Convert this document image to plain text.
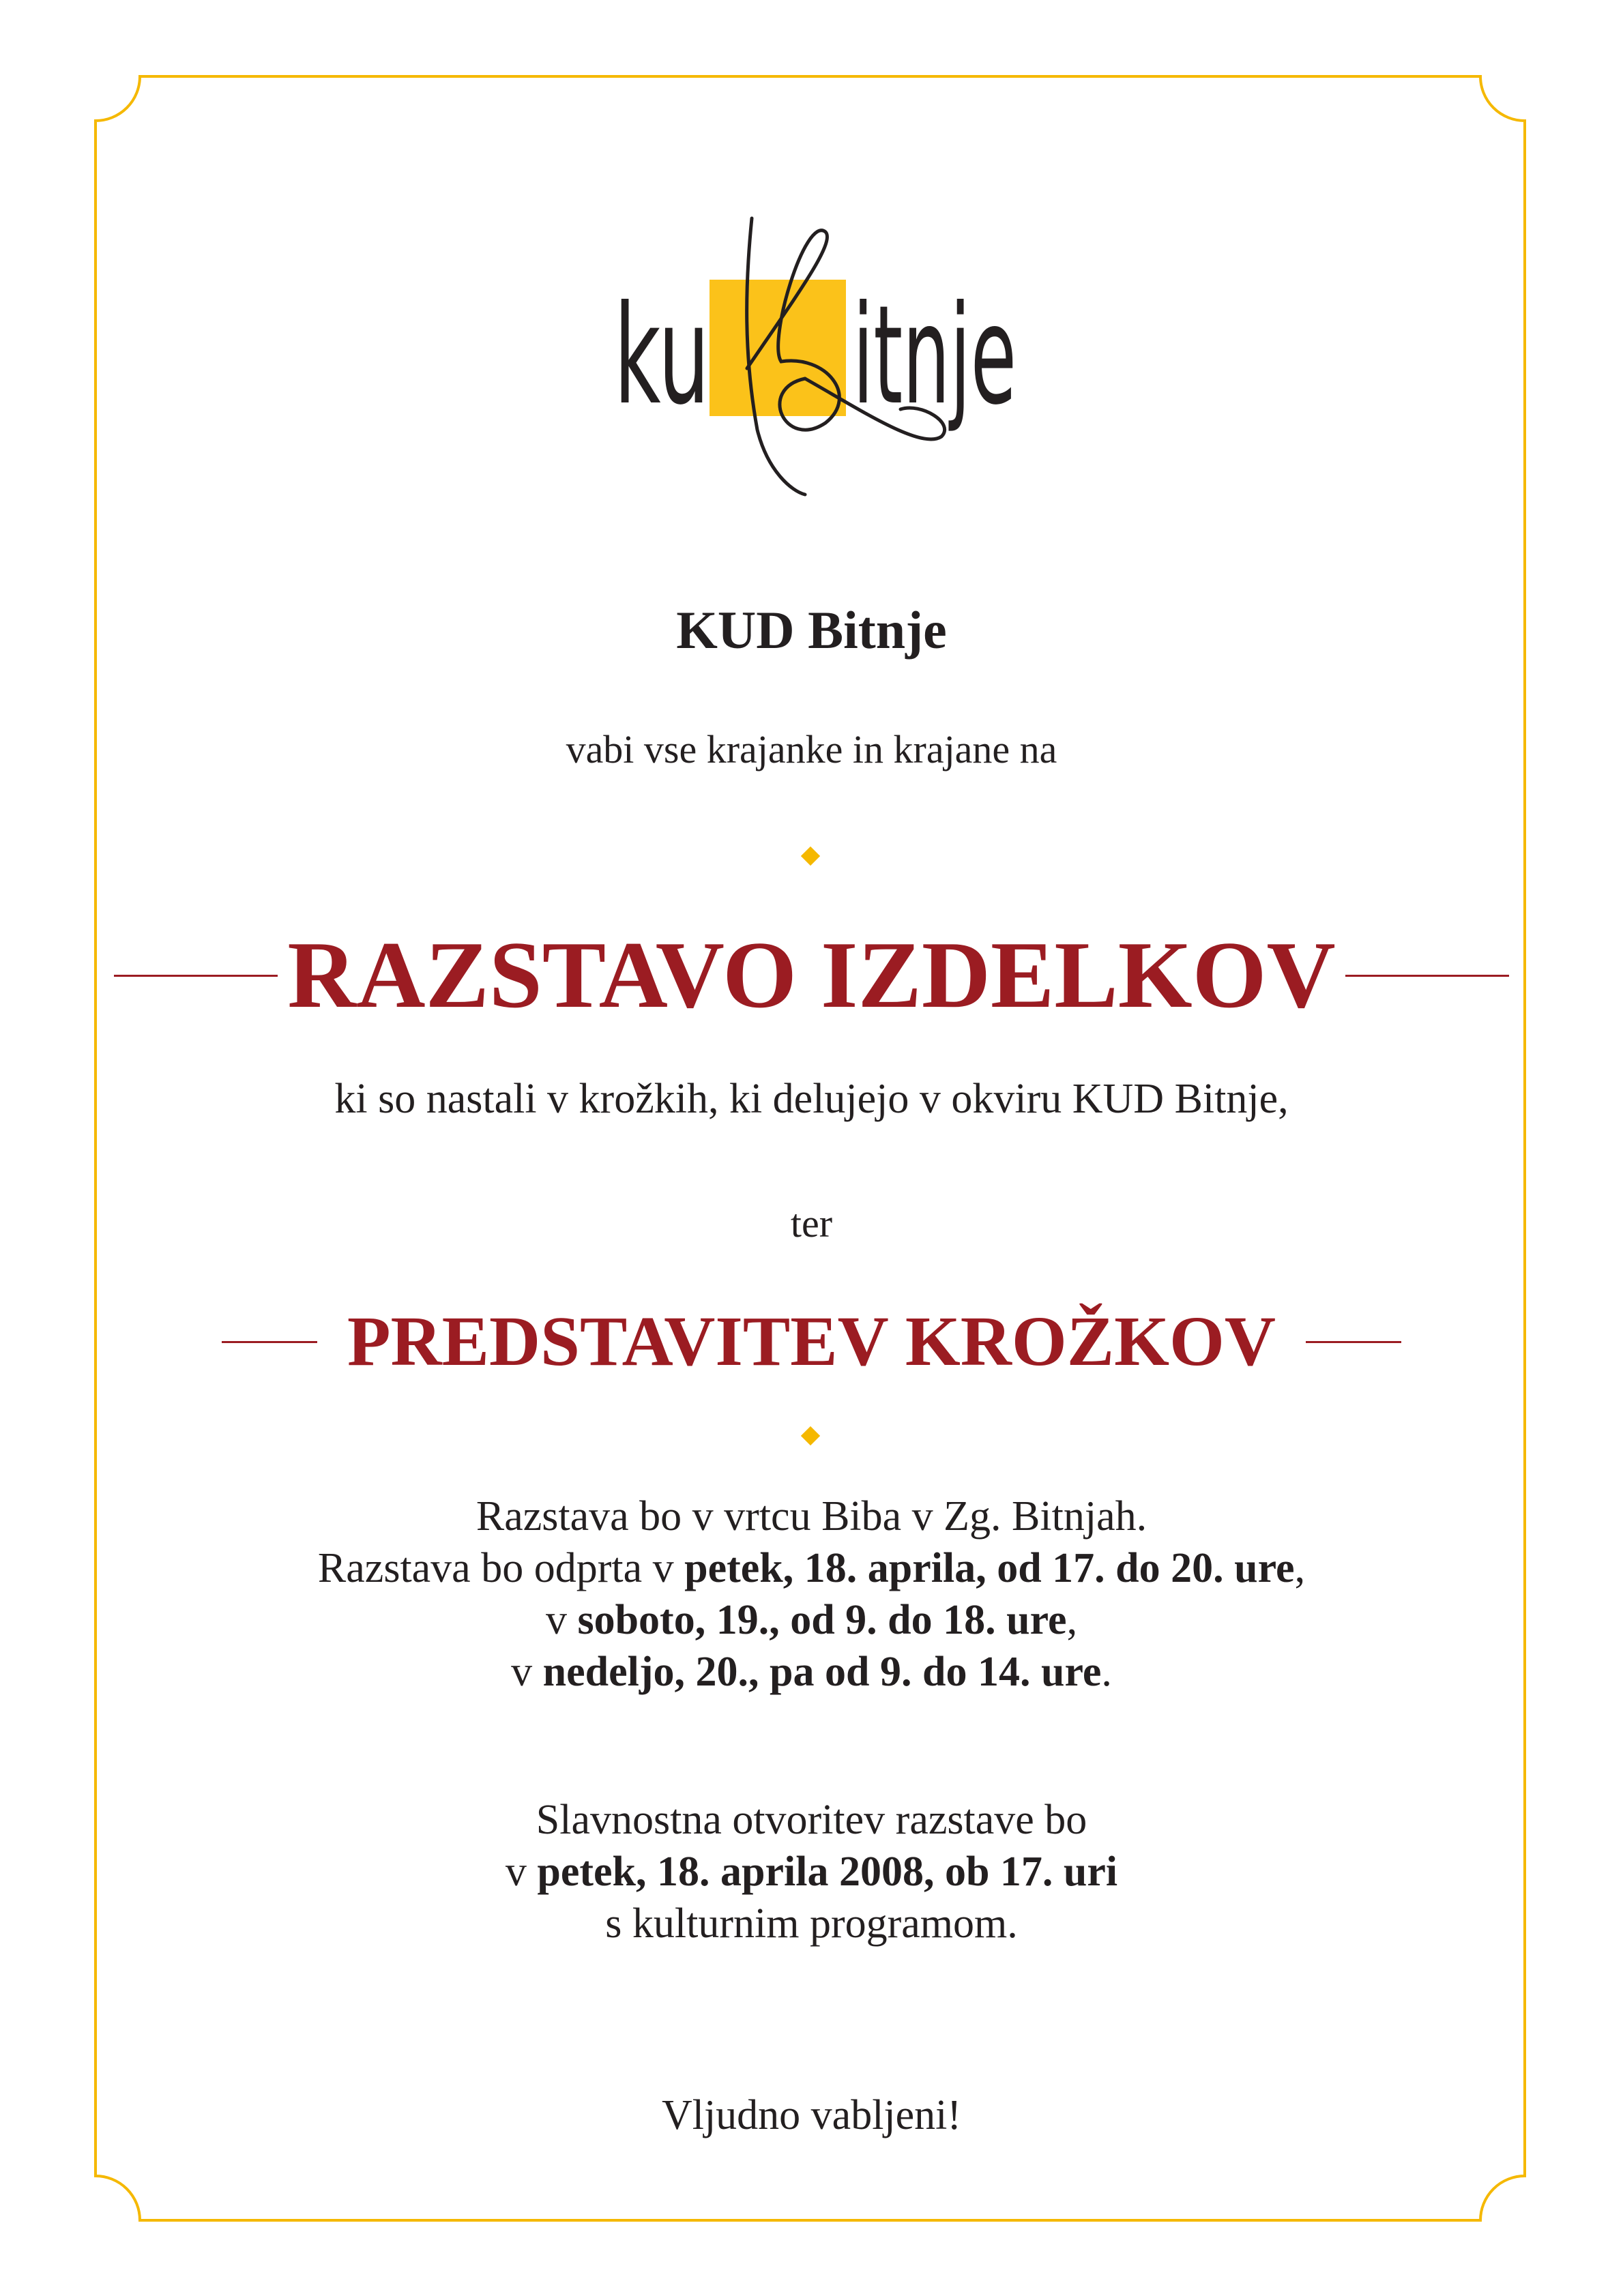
ku itnje
KUD Bitnje
vabi vse krajanke in krajane na
RAZSTAVO IZDELKOV
ki so nastali v krožkih, ki delujejo v okviru KUD Bitnje,
ter
PREDSTAVITEV KROŽKOV
Razstava bo v vrtcu Biba v Zg. Bitnjah.
Razstava bo odprta v petek, 18. aprila, od 17. do 20. ure,
v soboto, 19., od 9. do 18. ure,
v nedeljo, 20., pa od 9. do 14. ure.
Slavnostna otvoritev razstave bo
v petek, 18. aprila 2008, ob 17. uri
s kulturnim programom.
Vljudno vabljeni!
